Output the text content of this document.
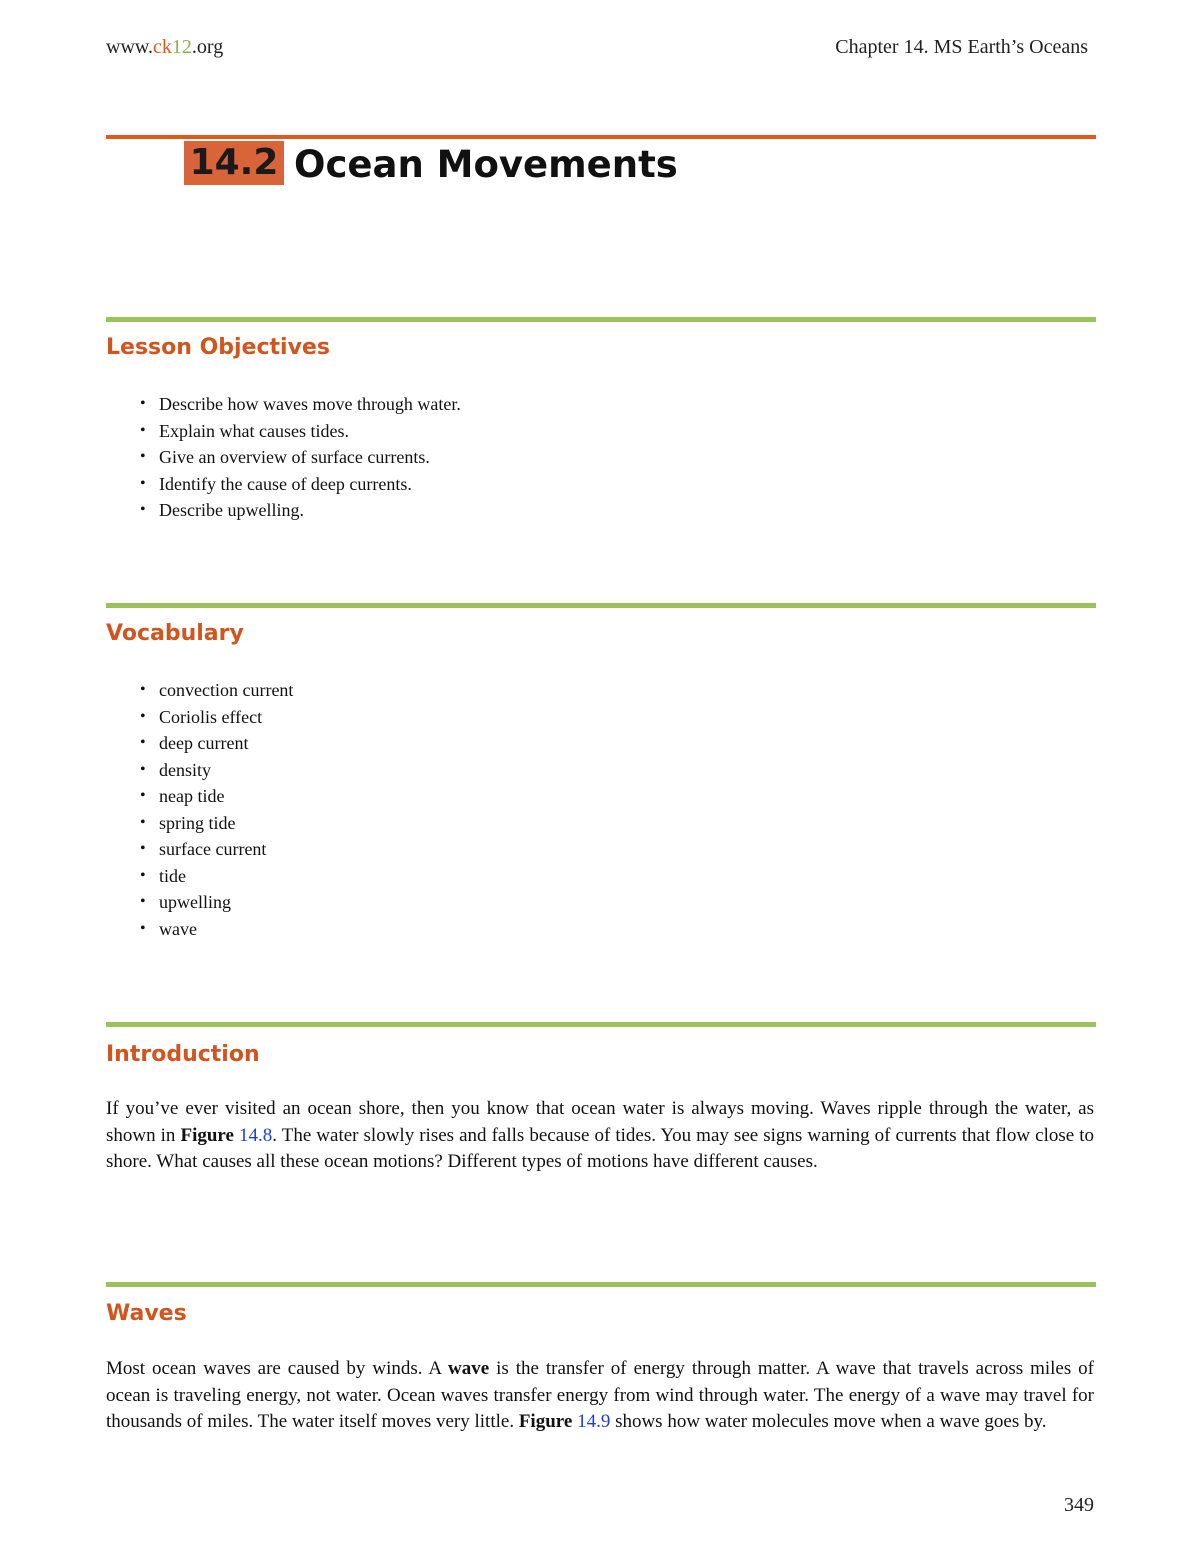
www.ck12.org	Chapter 14. MS Earth’s Oceans
14.2 Ocean Movements
Lesson Objectives
• Describe how waves move through water.
• Explain what causes tides.
• Give an overview of surface currents.
• Identify the cause of deep currents.
• Describe upwelling.
Vocabulary
• convection current
• Coriolis effect
• deep current
• density
• neap tide
• spring tide
• surface current
• tide
• upwelling
• wave
Introduction

If you’ve ever visited an ocean shore, then you know that ocean water is always moving. Waves ripple through the water, as shown in Figure 14.8. The water slowly rises and falls because of tides. You may see signs warning of currents that flow close to shore. What causes all these ocean motions? Different types of motions have different causes.

Waves

Most ocean waves are caused by winds. A wave is the transfer of energy through matter. A wave that travels across miles of ocean is traveling energy, not water. Ocean waves transfer energy from wind through water. The energy of a wave may travel for thousands of miles. The water itself moves very little. Figure 14.9 shows how water molecules move when a wave goes by.

349
